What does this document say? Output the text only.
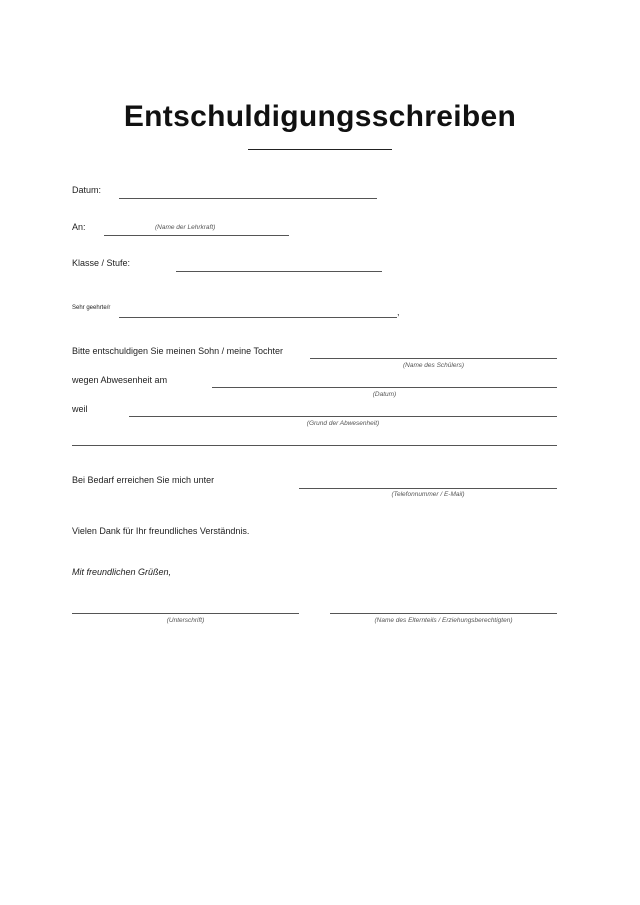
Entschuldigungsschreiben
Datum:
An:	(Name der Lehrkraft)
Klasse / Stufe:
Sehr geehrte/r	,
Bitte entschuldigen Sie meinen Sohn / meine Tochter
(Name des Schülers)
wegen Abwesenheit am
(Datum)
weil
(Grund der Abwesenheit)
Bei Bedarf erreichen Sie mich unter
(Telefonnummer / E-Mail)
Vielen Dank für Ihr freundliches Verständnis.
Mit freundlichen Grüßen,
(Unterschrift)	(Name des Elternteils / Erziehungsberechtigten)
